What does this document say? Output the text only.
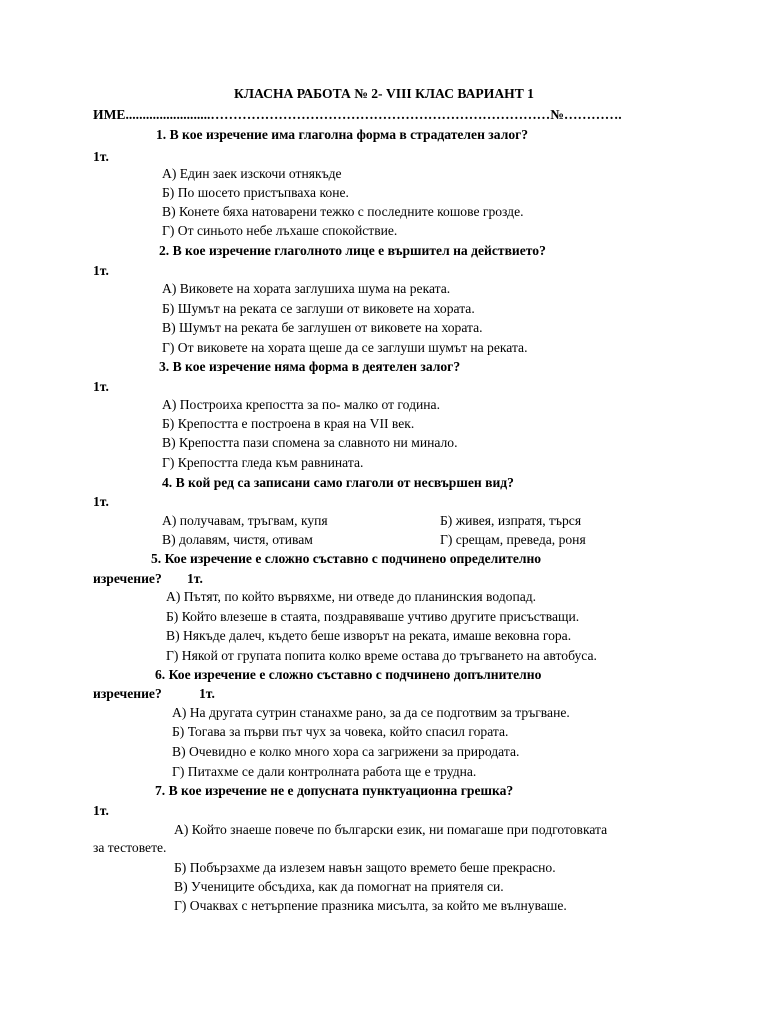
КЛАСНА РАБОТА № 2- VIII КЛАС ВАРИАНТ 1
ИМЕ.........................…………………………………………………………………№………….
1. В кое изречение има глаголна форма в страдателен залог?
1т.
А) Един заек изскочи отнякъде
Б) По шосето пристъпваха коне.
В) Конете бяха натоварени тежко с последните кошове грозде.
Г) От синьото небе лъхаше спокойствие.
2. В кое изречение глаголното лице е вършител на действието?
1т.
А) Виковете на хората заглушиха шума на реката.
Б) Шумът на реката се заглуши от виковете на хората.
В) Шумът на реката бе заглушен от виковете на хората.
Г) От виковете на хората щеше да се заглуши шумът на реката.
3. В кое изречение няма форма в деятелен залог?
1т.
А) Построиха крепостта за по- малко от година.
Б) Крепостта е построена в края на VII век.
В) Крепостта пази спомена за славното ни минало.
Г) Крепостта гледа към равнината.
4. В кой ред са записани само глаголи от несвършен вид?
1т.
А) получавам, тръгвам, купя	Б) живея, изпратя, търся
В) долавям, чистя, отивам	Г) срещам, преведа, роня
5. Кое изречение е сложно съставно с подчинено определително
изречение? 1т.
А) Пътят, по който вървяхме, ни отведе до планинския водопад.
Б) Който влезеше в стаята, поздравяваше учтиво другите присъстващи.
В) Някъде далеч, където беше изворът на реката, имаше вековна гора.
Г) Някой от групата попита колко време остава до тръгването на автобуса.
6. Кое изречение е сложно съставно с подчинено допълнително
изречение?	1т.
А) На другата сутрин станахме рано, за да се подготвим за тръгване.
Б) Тогава за първи път чух за човека, който спасил гората.
В) Очевидно е колко много хора са загрижени за природата.
Г) Питахме се дали контролната работа ще е трудна.
7. В кое изречение не е допусната пунктуационна грешка?
1т.
А) Който знаеше повече по български език, ни помагаше при подготовката
за тестовете.
Б) Побързахме да излезем навън защото времето беше прекрасно.
В) Учениците обсъдиха, как да помогнат на приятеля си.
Г) Очаквах с нетърпение празника мисълта, за който ме вълнуваше.
